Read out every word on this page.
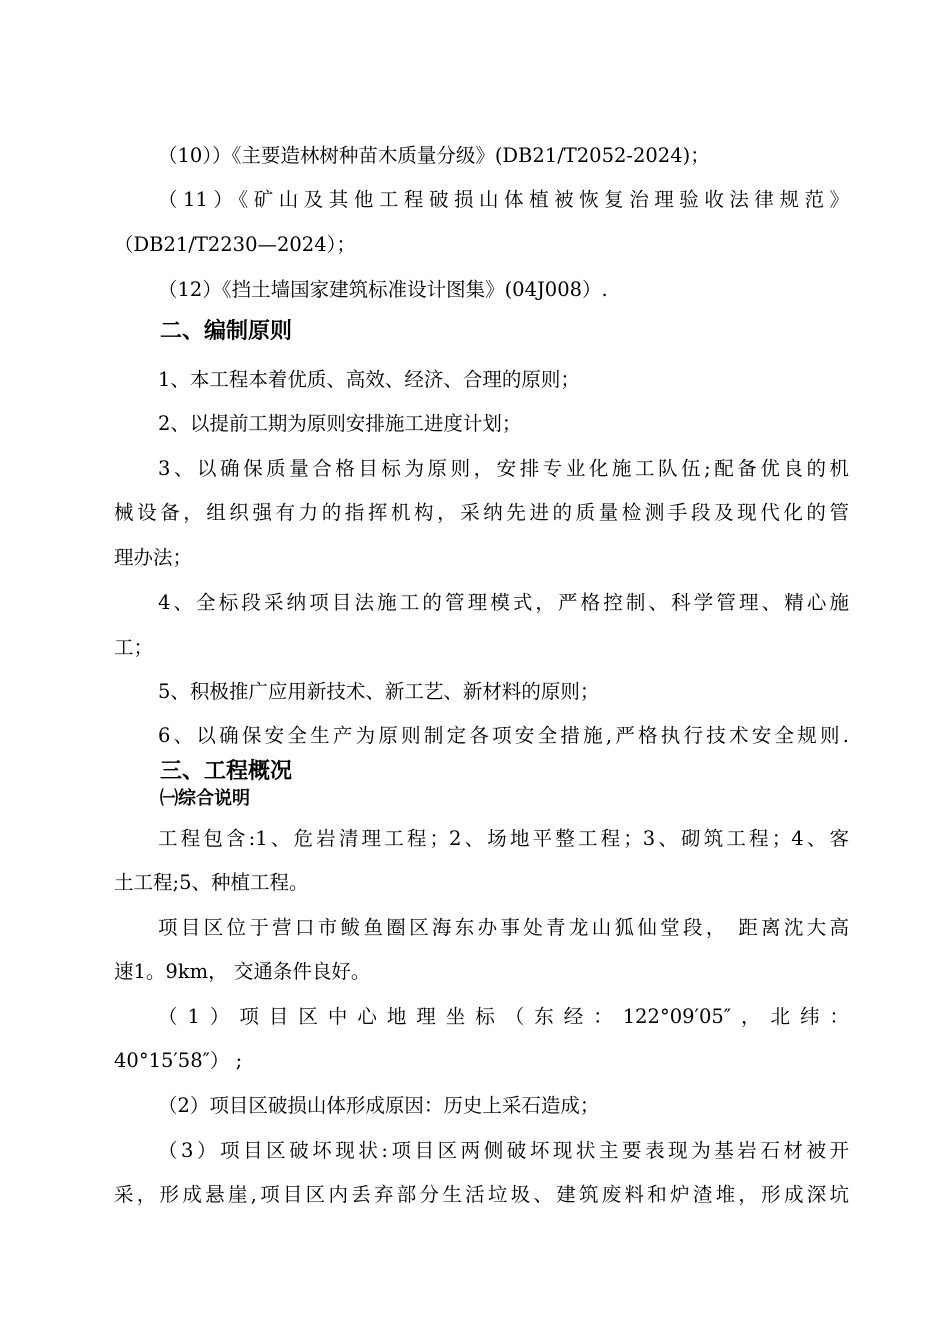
（10））《主要造林树种苗木质量分级》(DB21/T2052-2024)；
（11）《矿山及其他工程破损山体植被恢复治理验收法律规范》
（DB21/T2230—2024）；
（12）《挡土墙国家建筑标准设计图集》(04J008）.
二、编制原则
1、本工程本着优质、高效、经济、合理的原则；
2、以提前工期为原则安排施工进度计划；
3、以确保质量合格目标为原则，安排专业化施工队伍;配备优良的机
械设备，组织强有力的指挥机构，采纳先进的质量检测手段及现代化的管
理办法；
4、全标段采纳项目法施工的管理模式，严格控制、科学管理、精心施
工；
5、积极推广应用新技术、新工艺、新材料的原则；
6、以确保安全生产为原则制定各项安全措施,严格执行技术安全规则.
三、工程概况
㈠综合说明
工程包含:1、危岩清理工程；2、场地平整工程；3、砌筑工程；4、客
土工程;5、种植工程。
项目区位于营口市鲅鱼圈区海东办事处青龙山狐仙堂段， 距离沈大高
速1。9km， 交通条件良好。
（1）项目区中心地理坐标（东经：122°09′05″，北纬：
40°15′58″） ;
（2）项目区破损山体形成原因：历史上采石造成；
（3）项目区破坏现状:项目区两侧破坏现状主要表现为基岩石材被开
采，形成悬崖,项目区内丢弃部分生活垃圾、建筑废料和炉渣堆，形成深坑
